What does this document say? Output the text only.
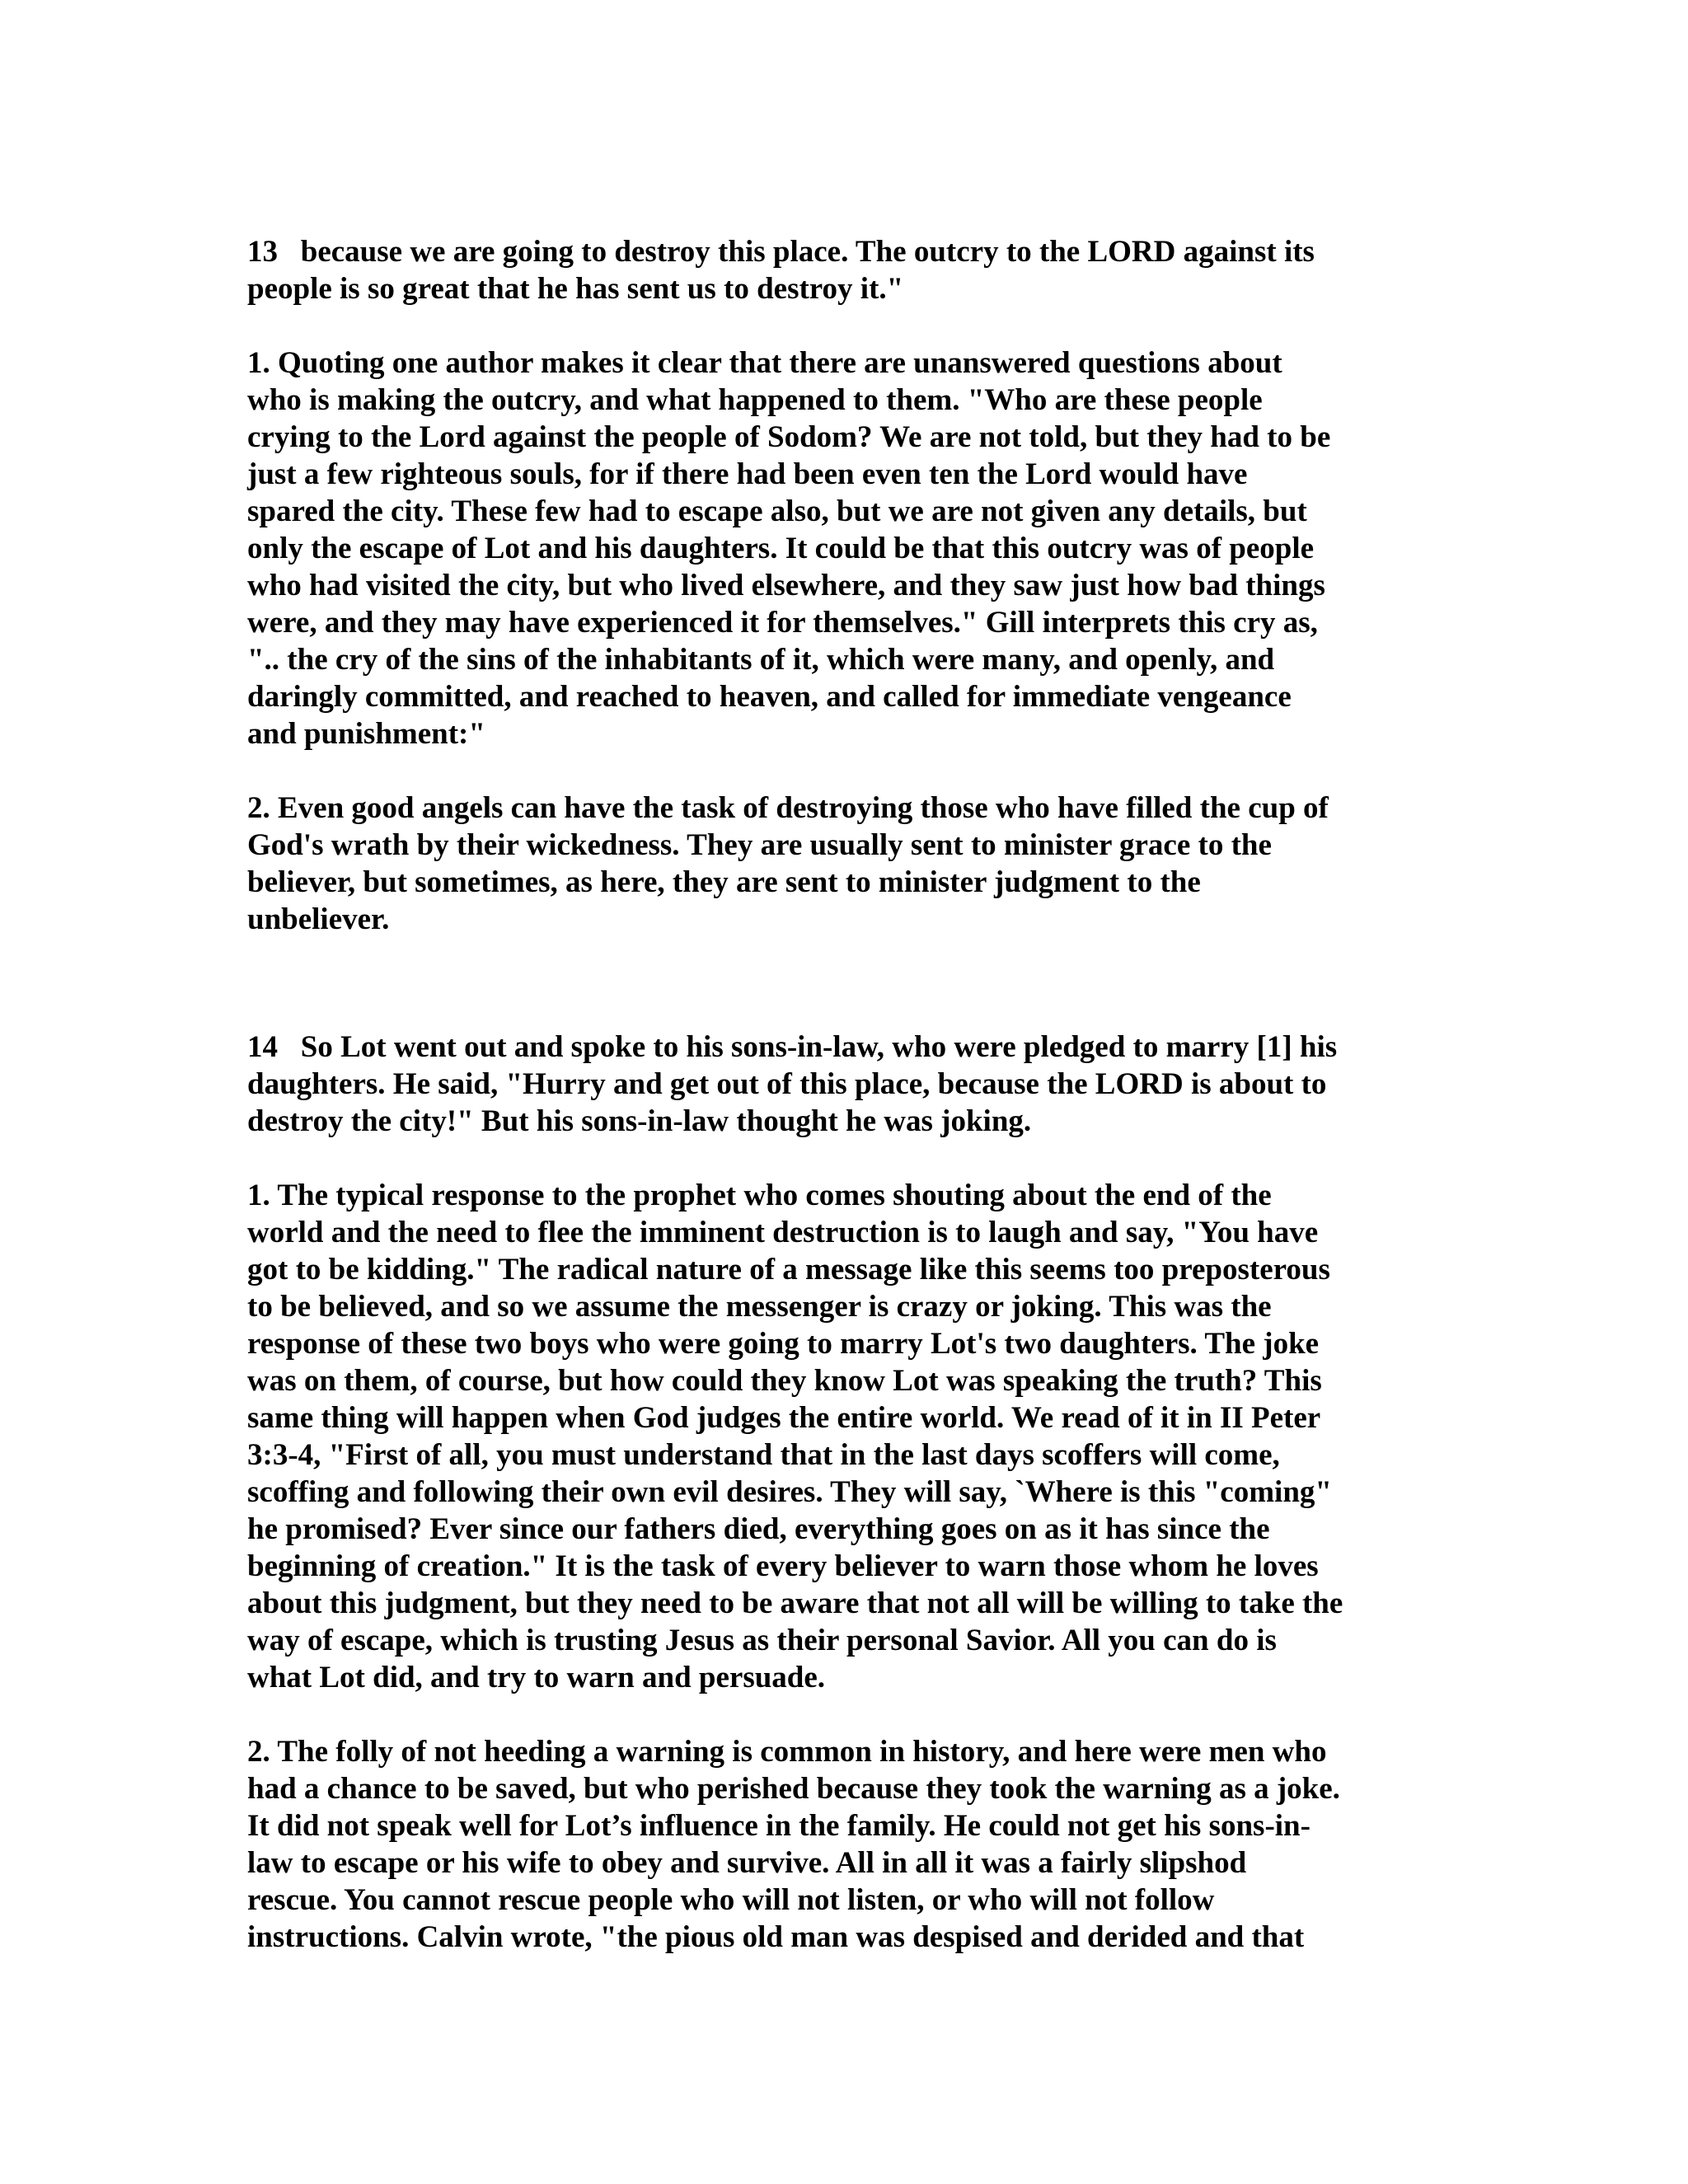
13   because we are going to destroy this place. The outcry to the LORD against its
people is so great that he has sent us to destroy it."
1. Quoting one author makes it clear that there are unanswered questions about
who is making the outcry, and what happened to them. "Who are these people
crying to the Lord against the people of Sodom? We are not told, but they had to be
just a few righteous souls, for if there had been even ten the Lord would have
spared the city. These few had to escape also, but we are not given any details, but
only the escape of Lot and his daughters. It could be that this outcry was of people
who had visited the city, but who lived elsewhere, and they saw just how bad things
were, and they may have experienced it for themselves." Gill interprets this cry as,
".. the cry of the sins of the inhabitants of it, which were many, and openly, and
daringly committed, and reached to heaven, and called for immediate vengeance
and punishment:"
2. Even good angels can have the task of destroying those who have filled the cup of
God's wrath by their wickedness. They are usually sent to minister grace to the
believer, but sometimes, as here, they are sent to minister judgment to the
unbeliever.
14   So Lot went out and spoke to his sons-in-law, who were pledged to marry [1] his
daughters. He said, "Hurry and get out of this place, because the LORD is about to
destroy the city!" But his sons-in-law thought he was joking.
1. The typical response to the prophet who comes shouting about the end of the
world and the need to flee the imminent destruction is to laugh and say, "You have
got to be kidding." The radical nature of a message like this seems too preposterous
to be believed, and so we assume the messenger is crazy or joking. This was the
response of these two boys who were going to marry Lot's two daughters. The joke
was on them, of course, but how could they know Lot was speaking the truth? This
same thing will happen when God judges the entire world. We read of it in II Peter
3:3-4, "First of all, you must understand that in the last days scoffers will come,
scoffing and following their own evil desires. They will say, `Where is this "coming"
he promised? Ever since our fathers died, everything goes on as it has since the
beginning of creation." It is the task of every believer to warn those whom he loves
about this judgment, but they need to be aware that not all will be willing to take the
way of escape, which is trusting Jesus as their personal Savior. All you can do is
what Lot did, and try to warn and persuade.
2. The folly of not heeding a warning is common in history, and here were men who
had a chance to be saved, but who perished because they took the warning as a joke.
It did not speak well for Lot’s influence in the family. He could not get his sons-in-
law to escape or his wife to obey and survive. All in all it was a fairly slipshod
rescue. You cannot rescue people who will not listen, or who will not follow
instructions. Calvin wrote, "the pious old man was despised and derided and that
